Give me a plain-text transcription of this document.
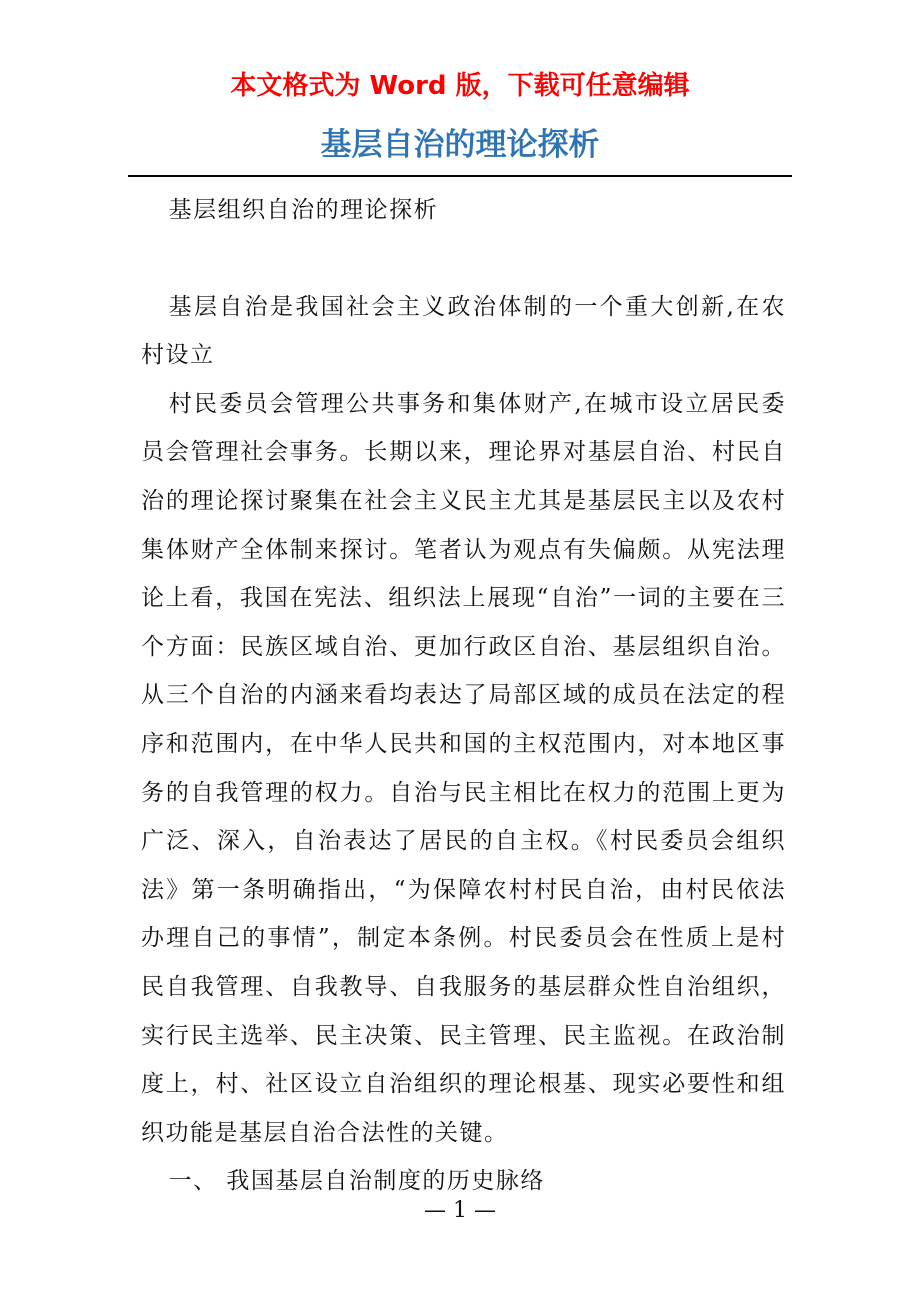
本文格式为 Word 版，下载可任意编辑
基层自治的理论探析

基层组织自治的理论探析

基层自治是我国社会主义政治体制的一个重大创新,在农村设立

村民委员会管理公共事务和集体财产,在城市设立居民委员会管理社会事务。长期以来，理论界对基层自治、村民自治的理论探讨聚集在社会主义民主尤其是基层民主以及农村集体财产全体制来探讨。笔者认为观点有失偏颇。从宪法理论上看，我国在宪法、组织法上展现“自治”一词的主要在三个方面：民族区域自治、更加行政区自治、基层组织自治。从三个自治的内涵来看均表达了局部区域的成员在法定的程序和范围内，在中华人民共和国的主权范围内，对本地区事务的自我管理的权力。自治与民主相比在权力的范围上更为广泛、深入，自治表达了居民的自主权。《村民委员会组织法》第一条明确指出，“为保障农村村民自治，由村民依法办理自己的事情”，制定本条例。村民委员会在性质上是村民自我管理、自我教导、自我服务的基层群众性自治组织，实行民主选举、民主决策、民主管理、民主监视。在政治制度上，村、社区设立自治组织的理论根基、现实必要性和组织功能是基层自治合法性的关键。

一、 我国基层自治制度的历史脉络

— 1 —
